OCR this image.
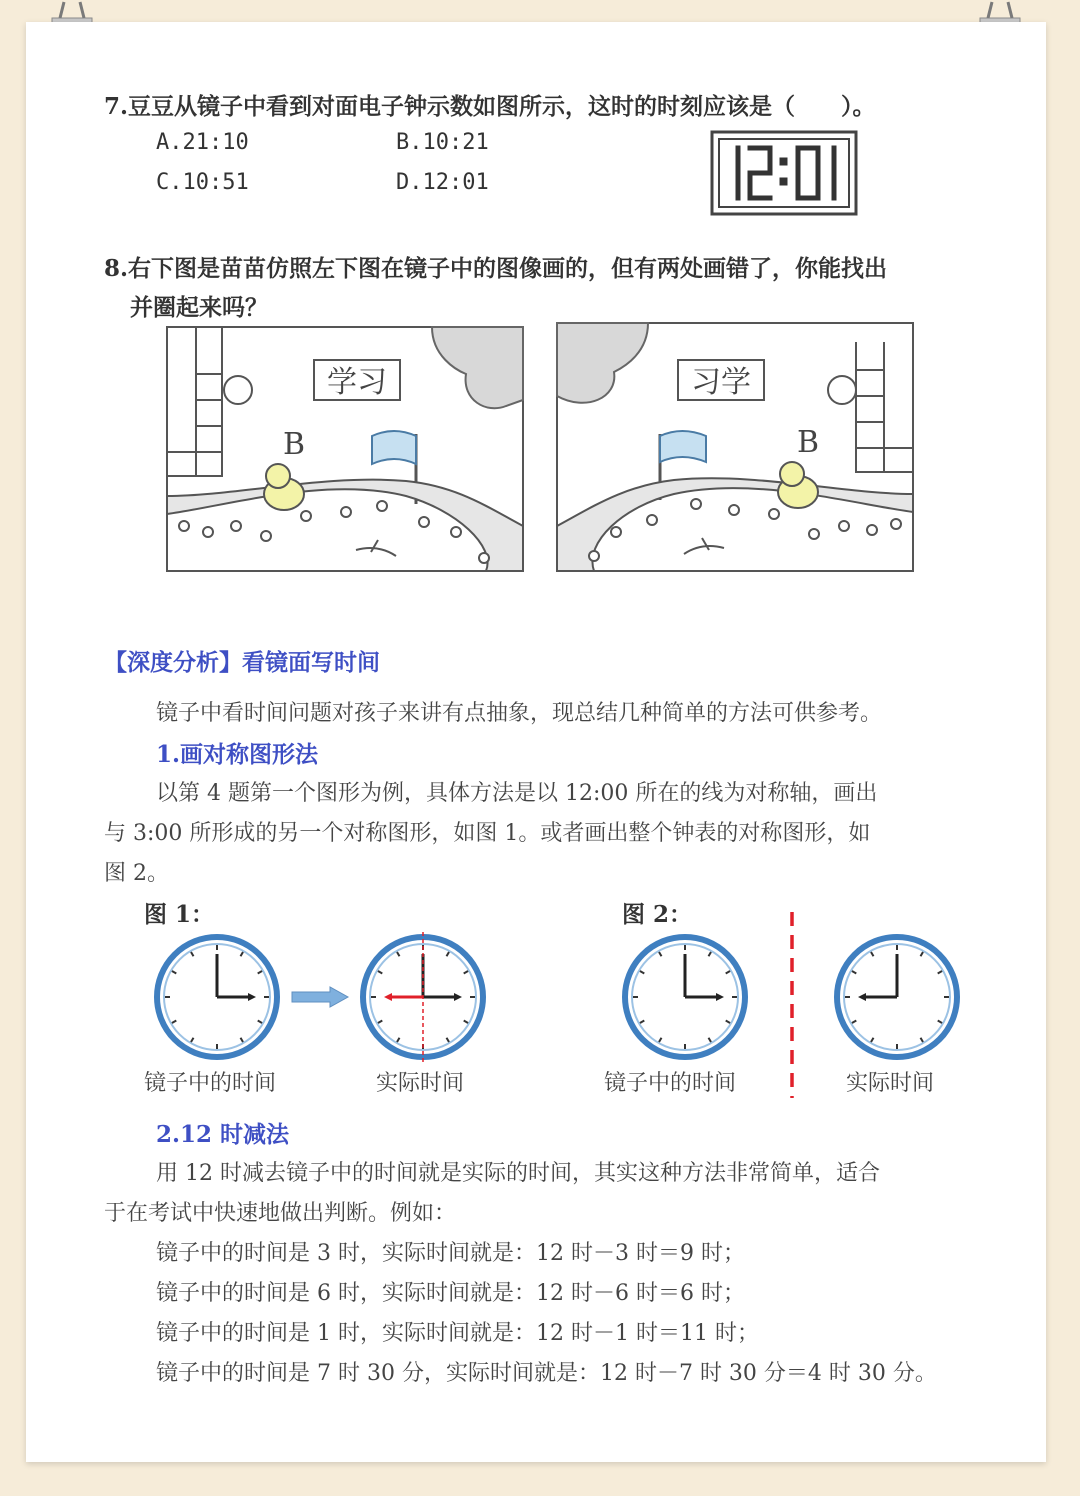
7.豆豆从镜子中看到对面电子钟示数如图所示，这时的时刻应该是（　　）。
A.21:10	B.10:21
C.10:51	D.12:01
8.右下图是苗苗仿照左下图在镜子中的图像画的，但有两处画错了，你能找出
并圈起来吗？
学习
B
习学
B
【深度分析】看镜面写时间
镜子中看时间问题对孩子来讲有点抽象，现总结几种简单的方法可供参考。
1.画对称图形法
以第 4 题第一个图形为例，具体方法是以 12:00 所在的线为对称轴，画出
与 3:00 所形成的另一个对称图形，如图 1。或者画出整个钟表的对称图形，如
图 2。
图 1：	图 2：
镜子中的时间	实际时间	镜子中的时间	实际时间
2.12 时减法
用 12 时减去镜子中的时间就是实际的时间，其实这种方法非常简单，适合
于在考试中快速地做出判断。例如：
镜子中的时间是 3 时，实际时间就是：12 时－3 时＝9 时；
镜子中的时间是 6 时，实际时间就是：12 时－6 时＝6 时；
镜子中的时间是 1 时，实际时间就是：12 时－1 时＝11 时；
镜子中的时间是 7 时 30 分，实际时间就是：12 时－7 时 30 分＝4 时 30 分。
